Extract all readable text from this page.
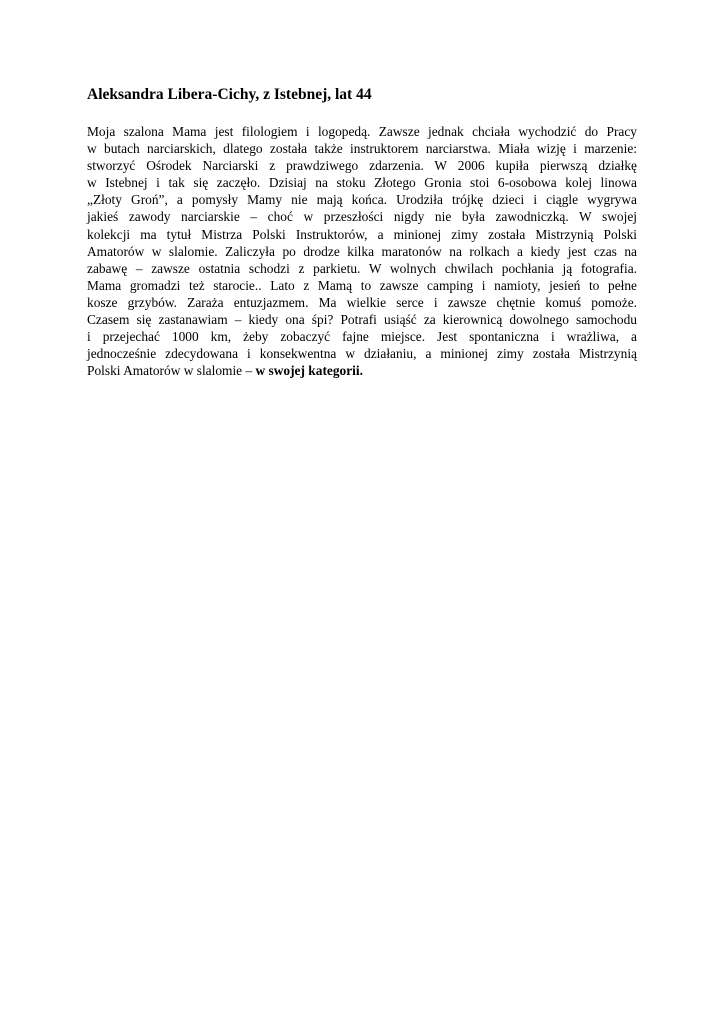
Aleksandra Libera-Cichy, z Istebnej, lat 44

Moja szalona Mama jest filologiem i logopedą. Zawsze jednak chciała wychodzić do Pracy
w butach narciarskich, dlatego została także instruktorem narciarstwa. Miała wizję i marzenie:
stworzyć Ośrodek Narciarski z prawdziwego zdarzenia. W 2006 kupiła pierwszą działkę
w Istebnej i tak się zaczęło. Dzisiaj na stoku Złotego Gronia stoi 6-osobowa kolej linowa
„Złoty Groń”, a pomysły Mamy nie mają końca. Urodziła trójkę dzieci i ciągle wygrywa
jakieś zawody narciarskie – choć w przeszłości nigdy nie była zawodniczką. W swojej
kolekcji ma tytuł Mistrza Polski Instruktorów, a minionej zimy została Mistrzynią Polski
Amatorów w slalomie. Zaliczyła po drodze kilka maratonów na rolkach a kiedy jest czas na
zabawę – zawsze ostatnia schodzi z parkietu. W wolnych chwilach pochłania ją fotografia.
Mama gromadzi też starocie.. Lato z Mamą to zawsze camping i namioty, jesień to pełne
kosze grzybów. Zaraża entuzjazmem. Ma wielkie serce i zawsze chętnie komuś pomoże.
Czasem się zastanawiam – kiedy ona śpi? Potrafi usiąść za kierownicą dowolnego samochodu
i przejechać 1000 km, żeby zobaczyć fajne miejsce. Jest spontaniczna i wrażliwa, a
jednocześnie zdecydowana i konsekwentna w działaniu, a minionej zimy została Mistrzynią
Polski Amatorów w slalomie – w swojej kategorii.
